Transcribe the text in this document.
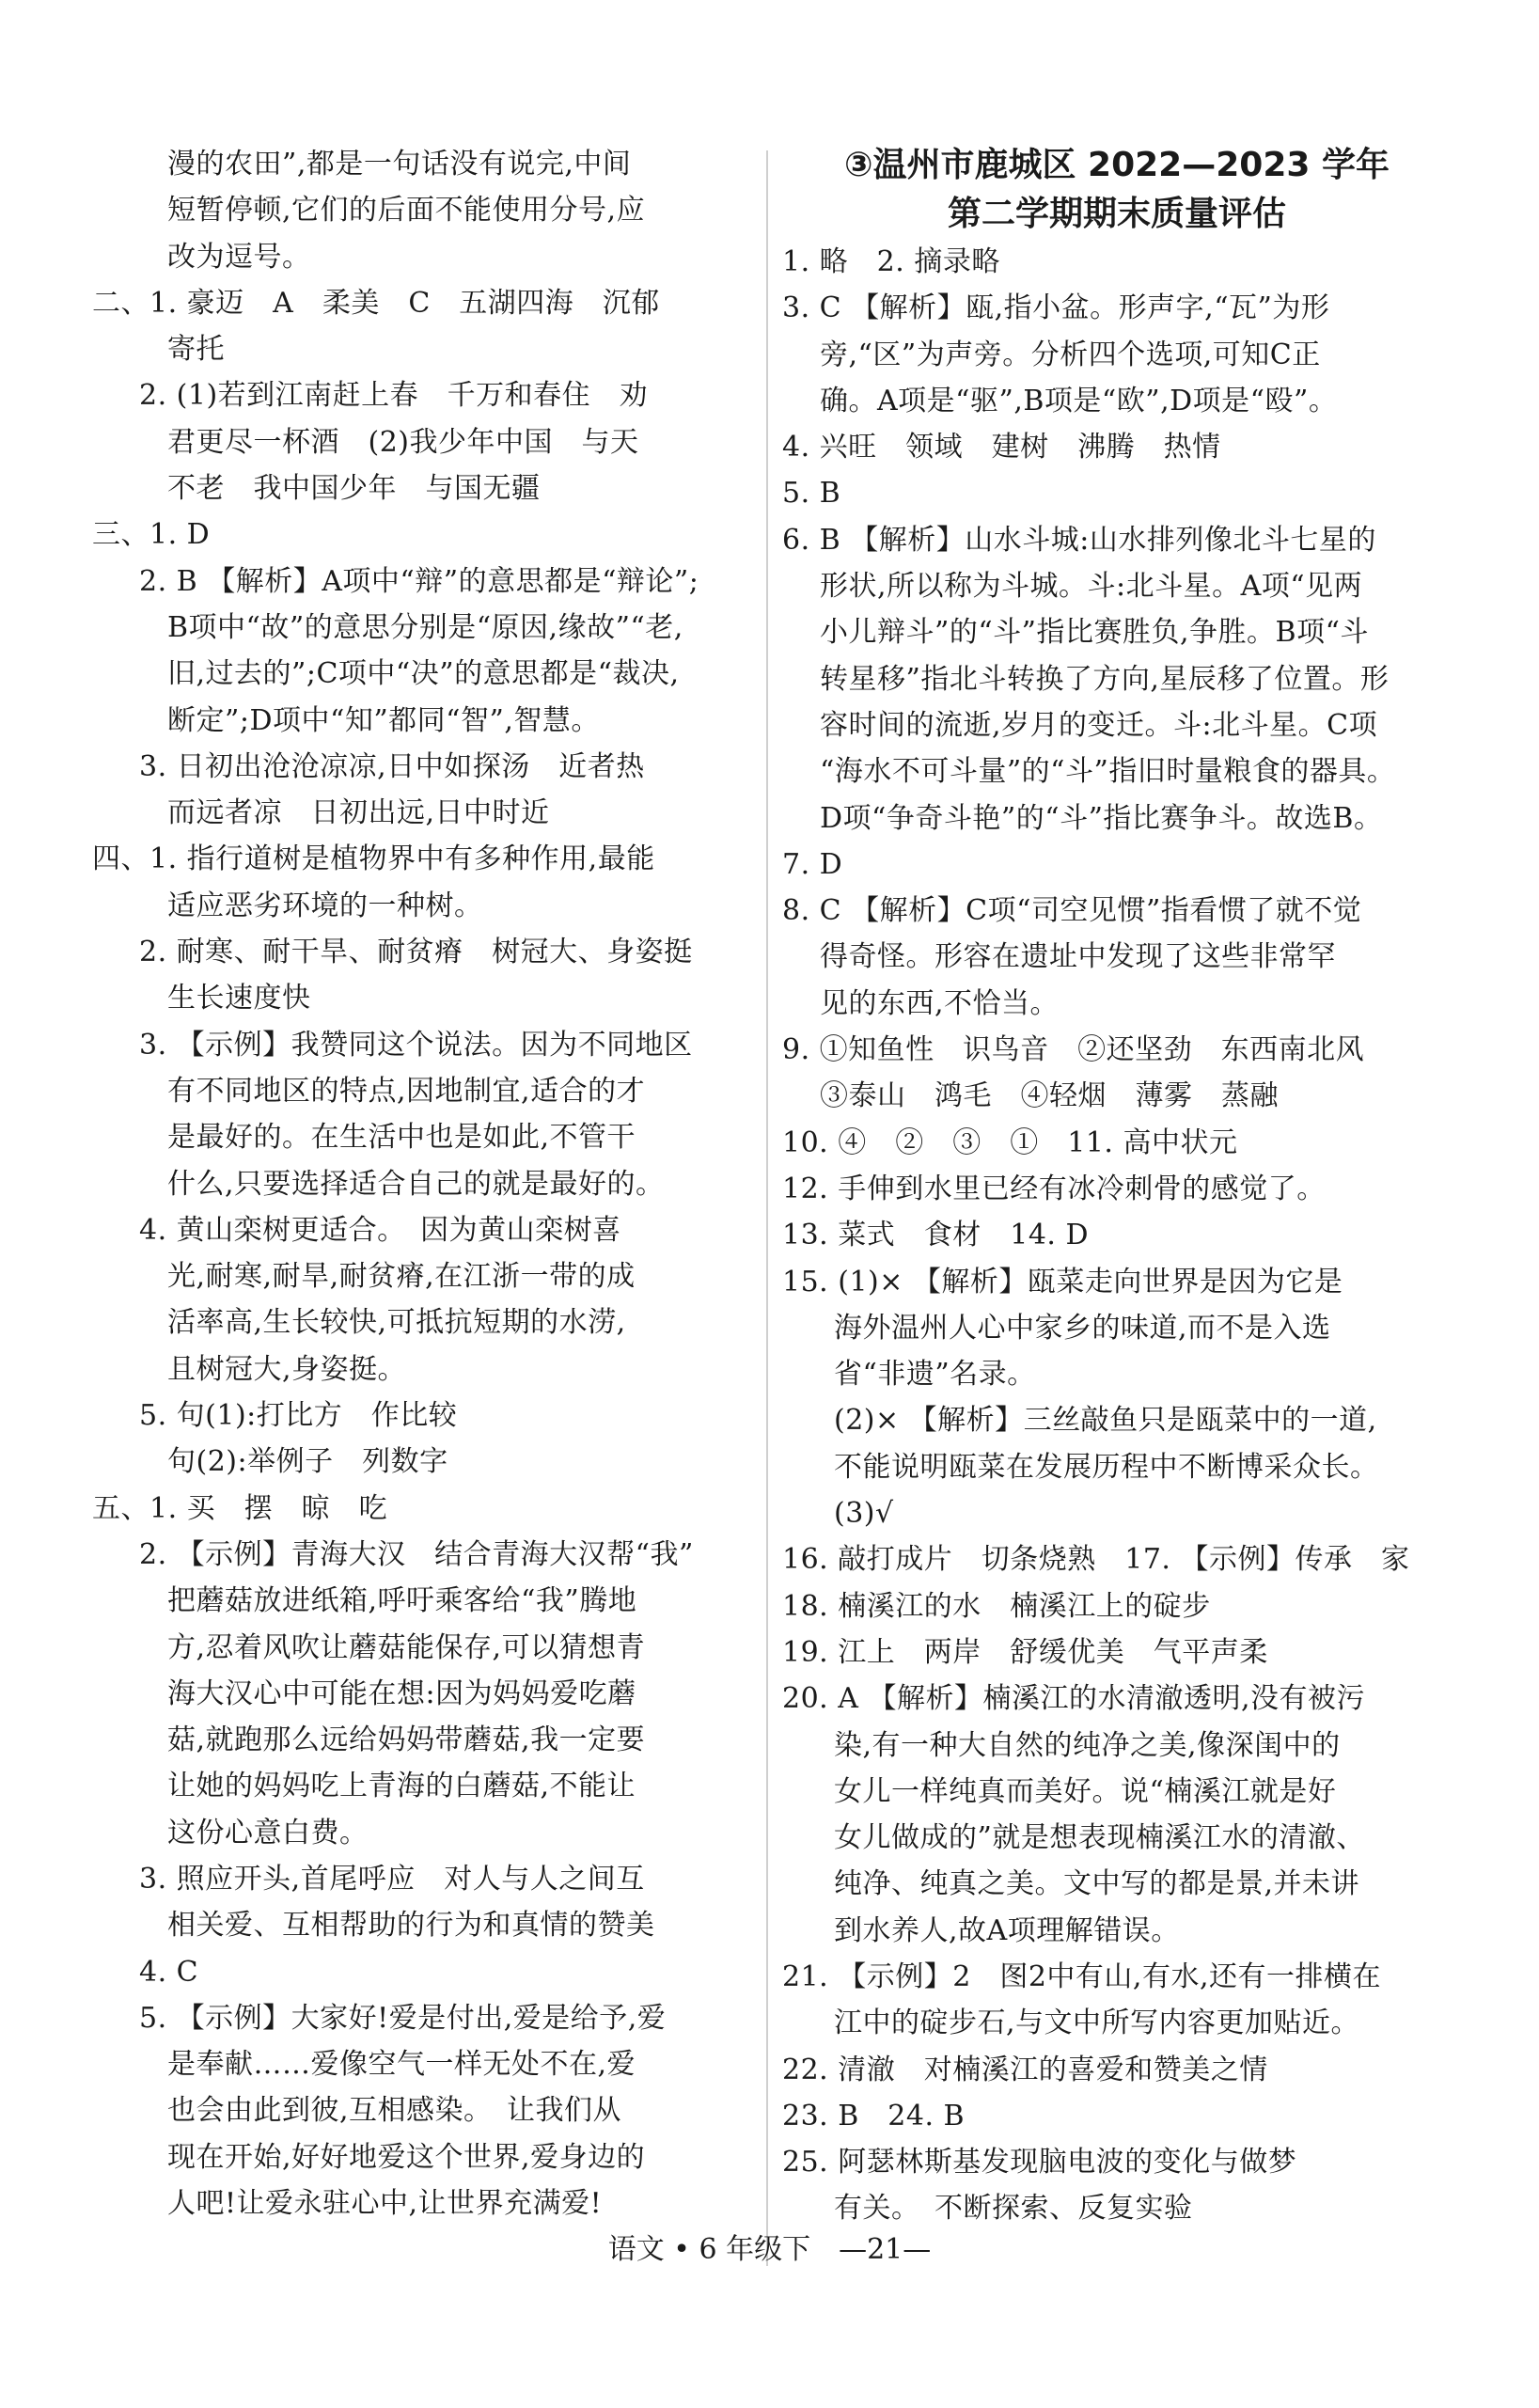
漫的农田”,都是一句话没有说完,中间
短暂停顿,它们的后面不能使用分号,应
改为逗号。
二、1. 豪迈　A　柔美　C　五湖四海　沉郁
寄托
2. (1)若到江南赶上春　千万和春住　劝
君更尽一杯酒　(2)我少年中国　与天
不老　我中国少年　与国无疆
三、1. D
2. B 【解析】A项中“辩”的意思都是“辩论”;
B项中“故”的意思分别是“原因,缘故”“老,
旧,过去的”;C项中“决”的意思都是“裁决,
断定”;D项中“知”都同“智”,智慧。
3. 日初出沧沧凉凉,日中如探汤　近者热
而远者凉　日初出远,日中时近
四、1. 指行道树是植物界中有多种作用,最能
适应恶劣环境的一种树。
2. 耐寒、耐干旱、耐贫瘠　树冠大、身姿挺
生长速度快
3. 【示例】我赞同这个说法。因为不同地区
有不同地区的特点,因地制宜,适合的才
是最好的。在生活中也是如此,不管干
什么,只要选择适合自己的就是最好的。
4. 黄山栾树更适合。　因为黄山栾树喜
光,耐寒,耐旱,耐贫瘠,在江浙一带的成
活率高,生长较快,可抵抗短期的水涝,
且树冠大,身姿挺。
5. 句(1):打比方　作比较
句(2):举例子　列数字
五、1. 买　摆　晾　吃
2. 【示例】青海大汉　结合青海大汉帮“我”
把蘑菇放进纸箱,呼吁乘客给“我”腾地
方,忍着风吹让蘑菇能保存,可以猜想青
海大汉心中可能在想:因为妈妈爱吃蘑
菇,就跑那么远给妈妈带蘑菇,我一定要
让她的妈妈吃上青海的白蘑菇,不能让
这份心意白费。
3. 照应开头,首尾呼应　对人与人之间互
相关爱、互相帮助的行为和真情的赞美
4. C
5. 【示例】大家好!爱是付出,爱是给予,爱
是奉献……爱像空气一样无处不在,爱
也会由此到彼,互相感染。　让我们从
现在开始,好好地爱这个世界,爱身边的
人吧!让爱永驻心中,让世界充满爱!
③温州市鹿城区 2022—2023 学年
第二学期期末质量评估
1. 略　2. 摘录略
3. C 【解析】瓯,指小盆。形声字,“瓦”为形
旁,“区”为声旁。分析四个选项,可知C正
确。A项是“驱”,B项是“欧”,D项是“殴”。
4. 兴旺　领域　建树　沸腾　热情
5. B
6. B 【解析】山水斗城:山水排列像北斗七星的
形状,所以称为斗城。斗:北斗星。A项“见两
小儿辩斗”的“斗”指比赛胜负,争胜。B项“斗
转星移”指北斗转换了方向,星辰移了位置。形
容时间的流逝,岁月的变迁。斗:北斗星。C项
“海水不可斗量”的“斗”指旧时量粮食的器具。
D项“争奇斗艳”的“斗”指比赛争斗。故选B。
7. D
8. C 【解析】C项“司空见惯”指看惯了就不觉
得奇怪。形容在遗址中发现了这些非常罕
见的东西,不恰当。
9. ①知鱼性　识鸟音　②还坚劲　东西南北风
③泰山　鸿毛　④轻烟　薄雾　蒸融
10. ④　②　③　①　11. 高中状元
12. 手伸到水里已经有冰冷刺骨的感觉了。
13. 菜式　食材　14. D
15. (1)× 【解析】瓯菜走向世界是因为它是
海外温州人心中家乡的味道,而不是入选
省“非遗”名录。
(2)× 【解析】三丝敲鱼只是瓯菜中的一道,
不能说明瓯菜在发展历程中不断博采众长。
(3)√
16. 敲打成片　切条烧熟　17. 【示例】传承　家
18. 楠溪江的水　楠溪江上的碇步
19. 江上　两岸　舒缓优美　气平声柔
20. A 【解析】楠溪江的水清澈透明,没有被污
染,有一种大自然的纯净之美,像深闺中的
女儿一样纯真而美好。说“楠溪江就是好
女儿做成的”就是想表现楠溪江水的清澈、
纯净、纯真之美。文中写的都是景,并未讲
到水养人,故A项理解错误。
21. 【示例】2　图2中有山,有水,还有一排横在
江中的碇步石,与文中所写内容更加贴近。
22. 清澈　对楠溪江的喜爱和赞美之情
23. B　24. B
25. 阿瑟林斯基发现脑电波的变化与做梦
有关。　不断探索、反复实验
语文 • 6 年级下　—21—
